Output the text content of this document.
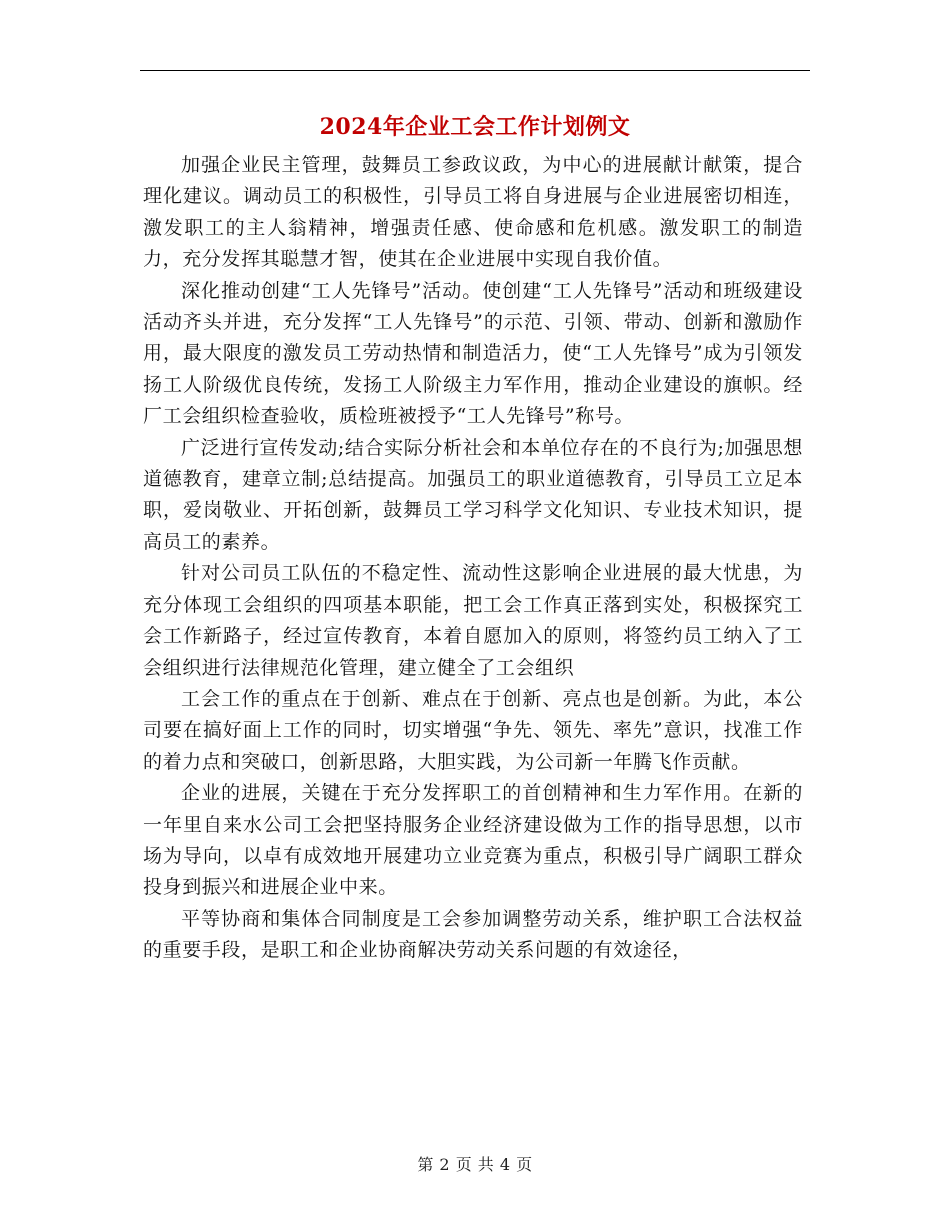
2024年企业工会工作计划例文

加强企业民主管理，鼓舞员工参政议政，为中心的进展献计献策，提合理化建议。调动员工的积极性，引导员工将自身进展与企业进展密切相连，激发职工的主人翁精神，增强责任感、使命感和危机感。激发职工的制造力，充分发挥其聪慧才智，使其在企业进展中实现自我价值。

深化推动创建“工人先锋号”活动。使创建“工人先锋号”活动和班级建设活动齐头并进，充分发挥“工人先锋号”的示范、引领、带动、创新和激励作用，最大限度的激发员工劳动热情和制造活力，使“工人先锋号”成为引领发扬工人阶级优良传统，发扬工人阶级主力军作用，推动企业建设的旗帜。经厂工会组织检查验收，质检班被授予“工人先锋号”称号。

广泛进行宣传发动;结合实际分析社会和本单位存在的不良行为;加强思想道德教育，建章立制;总结提高。加强员工的职业道德教育，引导员工立足本职，爱岗敬业、开拓创新，鼓舞员工学习科学文化知识、专业技术知识，提高员工的素养。

针对公司员工队伍的不稳定性、流动性这影响企业进展的最大忧患，为充分体现工会组织的四项基本职能，把工会工作真正落到实处，积极探究工会工作新路子，经过宣传教育，本着自愿加入的原则，将签约员工纳入了工会组织进行法律规范化管理，建立健全了工会组织

工会工作的重点在于创新、难点在于创新、亮点也是创新。为此，本公司要在搞好面上工作的同时，切实增强“争先、领先、率先”意识，找准工作的着力点和突破口，创新思路，大胆实践，为公司新一年腾飞作贡献。

企业的进展，关键在于充分发挥职工的首创精神和生力军作用。在新的一年里自来水公司工会把坚持服务企业经济建设做为工作的指导思想，以市场为导向，以卓有成效地开展建功立业竞赛为重点，积极引导广阔职工群众投身到振兴和进展企业中来。

平等协商和集体合同制度是工会参加调整劳动关系，维护职工合法权益的重要手段，是职工和企业协商解决劳动关系问题的有效途径，

第 2 页 共 4 页
